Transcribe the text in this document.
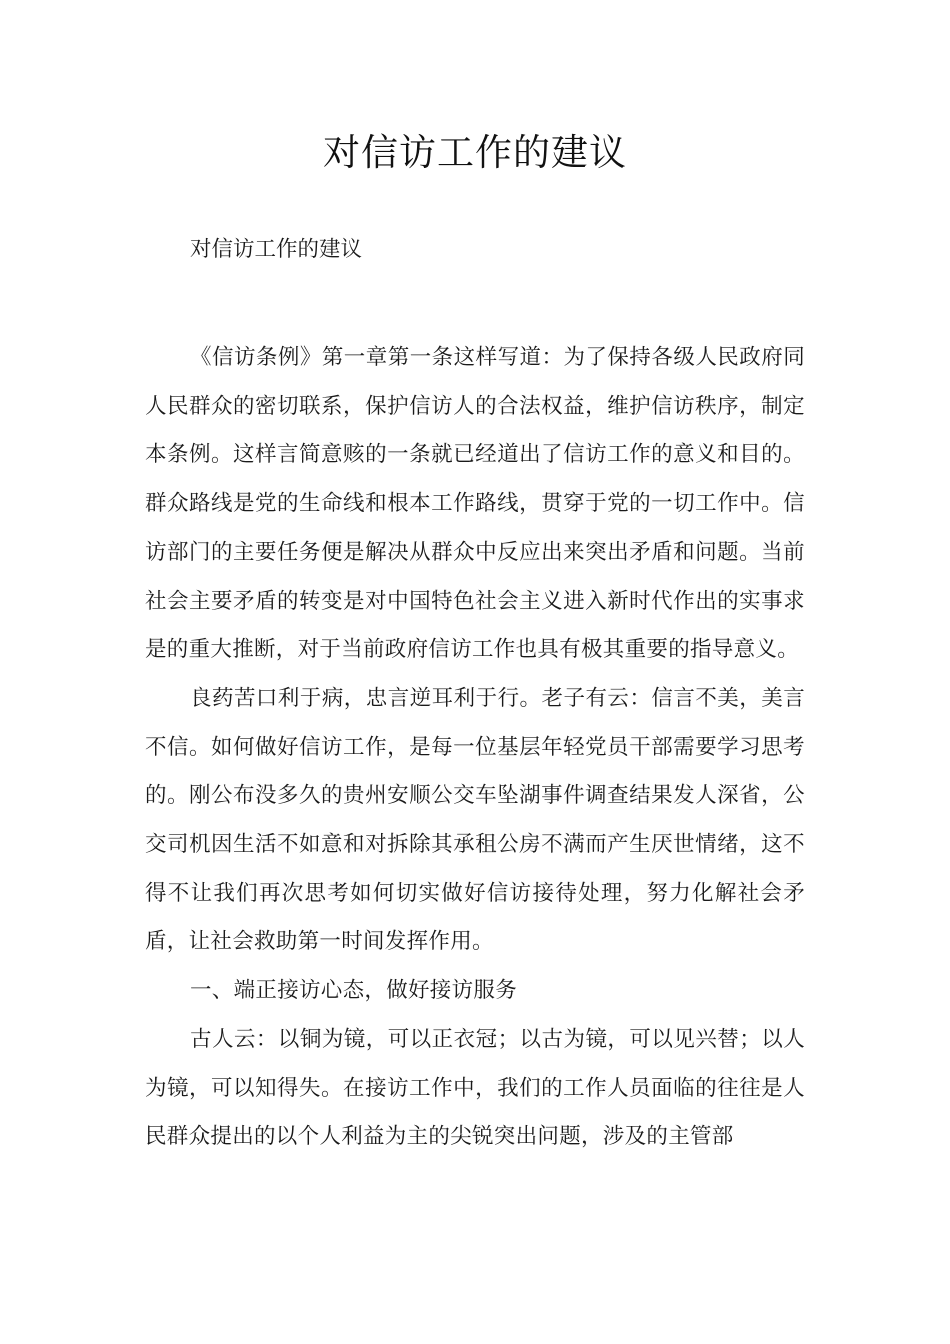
对信访工作的建议

对信访工作的建议

《信访条例》第一章第一条这样写道：为了保持各级人民政府同人民群众的密切联系，保护信访人的合法权益，维护信访秩序，制定本条例。这样言简意赅的一条就已经道出了信访工作的意义和目的。群众路线是党的生命线和根本工作路线，贯穿于党的一切工作中。信访部门的主要任务便是解决从群众中反应出来突出矛盾和问题。当前社会主要矛盾的转变是对中国特色社会主义进入新时代作出的实事求是的重大推断，对于当前政府信访工作也具有极其重要的指导意义。

良药苦口利于病，忠言逆耳利于行。老子有云：信言不美，美言不信。如何做好信访工作，是每一位基层年轻党员干部需要学习思考的。刚公布没多久的贵州安顺公交车坠湖事件调查结果发人深省，公交司机因生活不如意和对拆除其承租公房不满而产生厌世情绪，这不得不让我们再次思考如何切实做好信访接待处理，努力化解社会矛盾，让社会救助第一时间发挥作用。

一、端正接访心态，做好接访服务

古人云：以铜为镜，可以正衣冠；以古为镜，可以见兴替；以人为镜，可以知得失。在接访工作中，我们的工作人员面临的往往是人民群众提出的以个人利益为主的尖锐突出问题，涉及的主管部
